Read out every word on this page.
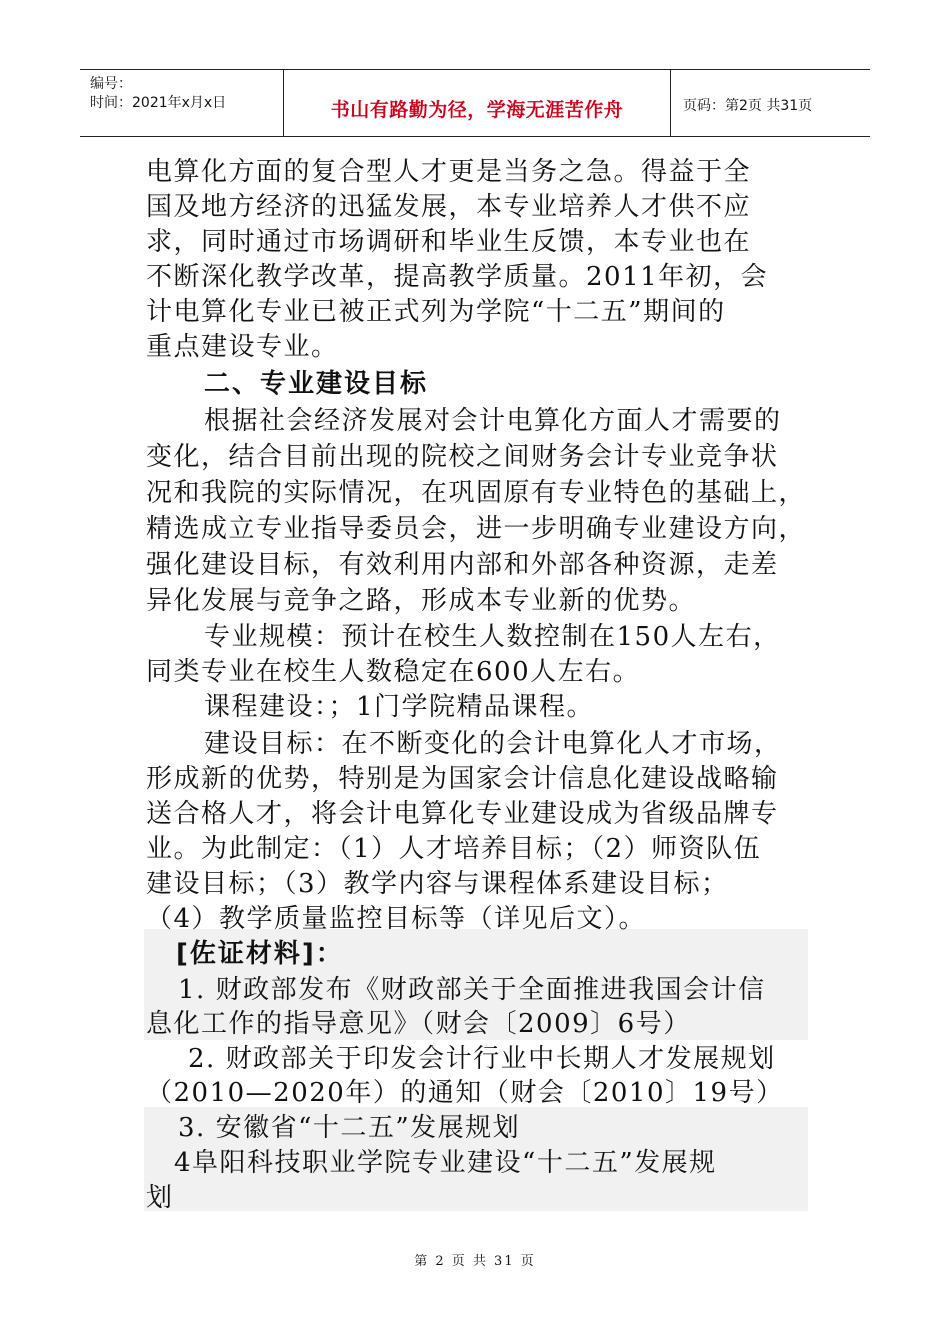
编号：
时间：2021年x月x日	书山有路勤为径，学海无涯苦作舟	页码：第2页 共31页
电算化方面的复合型人才更是当务之急。得益于全
国及地方经济的迅猛发展，本专业培养人才供不应
求，同时通过市场调研和毕业生反馈，本专业也在
不断深化教学改革，提高教学质量。2011年初，会
计电算化专业已被正式列为学院“十二五”期间的
重点建设专业。
二、专业建设目标
根据社会经济发展对会计电算化方面人才需要的
变化，结合目前出现的院校之间财务会计专业竞争状
况和我院的实际情况，在巩固原有专业特色的基础上，
精选成立专业指导委员会，进一步明确专业建设方向，
强化建设目标，有效利用内部和外部各种资源，走差
异化发展与竞争之路，形成本专业新的优势。
专业规模：预计在校生人数控制在150人左右，
同类专业在校生人数稳定在600人左右。
课程建设：；1门学院精品课程。
建设目标：在不断变化的会计电算化人才市场，
形成新的优势，特别是为国家会计信息化建设战略输
送合格人才，将会计电算化专业建设成为省级品牌专
业。为此制定：（1）人才培养目标；（2）师资队伍
建设目标；（3）教学内容与课程体系建设目标；
（4）教学质量监控目标等（详见后文）。
[佐证材料]：
1. 财政部发布《财政部关于全面推进我国会计信
息化工作的指导意见》（财会〔2009〕6号）
2. 财政部关于印发会计行业中长期人才发展规划
（2010—2020年）的通知（财会〔2010〕19号）
3. 安徽省“十二五”发展规划
4阜阳科技职业学院专业建设“十二五”发展规
划
第 2 页 共 31 页
